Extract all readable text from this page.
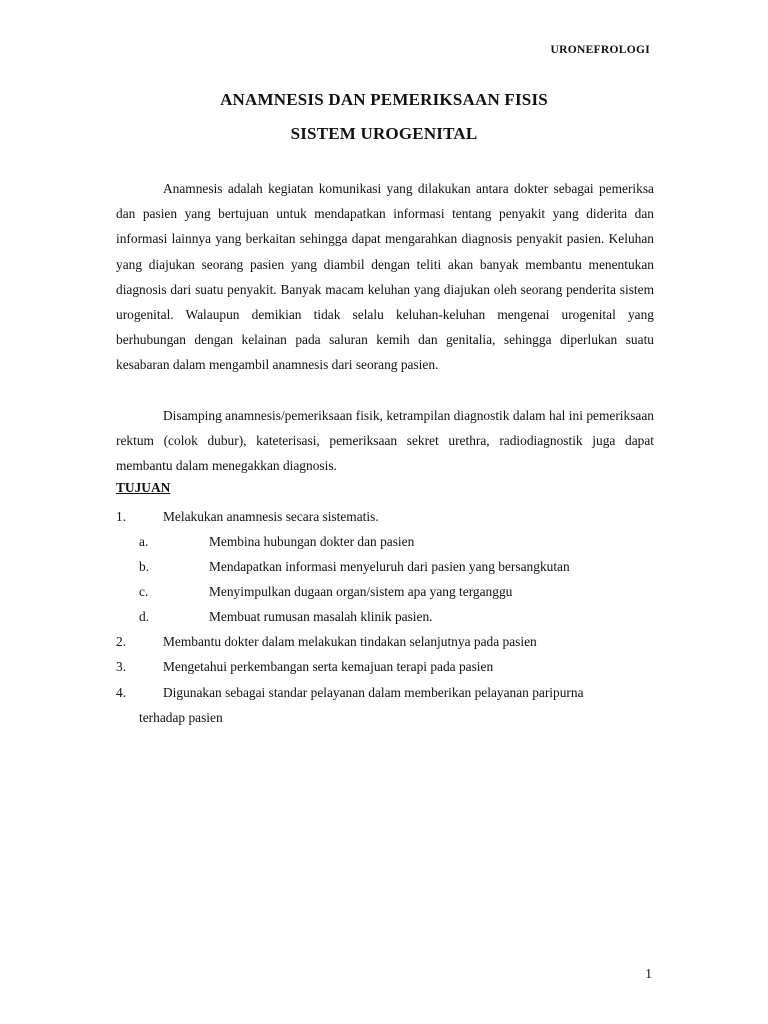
URONEFROLOGI
ANAMNESIS DAN PEMERIKSAAN FISIS
SISTEM UROGENITAL

Anamnesis adalah kegiatan komunikasi yang dilakukan antara dokter sebagai pemeriksa dan pasien yang bertujuan untuk mendapatkan informasi tentang penyakit yang diderita dan informasi lainnya yang berkaitan sehingga dapat mengarahkan diagnosis penyakit pasien. Keluhan yang diajukan seorang pasien yang diambil dengan teliti akan banyak membantu menentukan diagnosis dari suatu penyakit. Banyak macam keluhan yang diajukan oleh seorang penderita sistem urogenital. Walaupun demikian tidak selalu keluhan-keluhan mengenai urogenital yang berhubungan dengan kelainan pada saluran kemih dan genitalia, sehingga diperlukan suatu kesabaran dalam mengambil anamnesis dari seorang pasien.

Disamping anamnesis/pemeriksaan fisik, ketrampilan diagnostik dalam hal ini pemeriksaan rektum (colok dubur), kateterisasi, pemeriksaan sekret urethra, radiodiagnostik juga dapat membantu dalam menegakkan diagnosis.

TUJUAN
1.	Melakukan anamnesis secara sistematis.
a.	Membina hubungan dokter dan pasien
b.	Mendapatkan informasi menyeluruh dari pasien yang bersangkutan
c.	Menyimpulkan dugaan organ/sistem apa yang terganggu
d.	Membuat rumusan masalah klinik pasien.
2.	Membantu dokter dalam melakukan tindakan selanjutnya pada pasien
3.	Mengetahui perkembangan serta kemajuan terapi pada pasien
4.	Digunakan sebagai standar pelayanan dalam memberikan pelayanan paripurna
terhadap pasien
1
